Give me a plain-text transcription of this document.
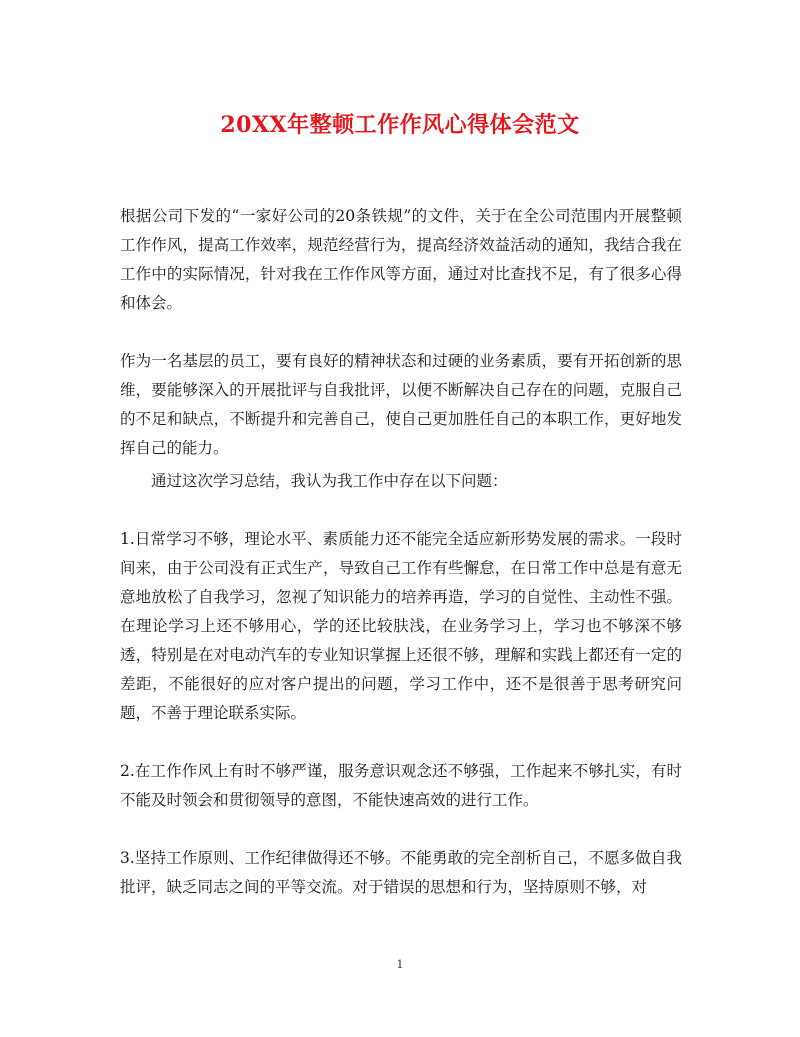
20XX年整顿工作作风心得体会范文

根据公司下发的“一家好公司的20条铁规”的文件，关于在全公司范围内开展整顿工作作风，提高工作效率，规范经营行为，提高经济效益活动的通知，我结合我在工作中的实际情况，针对我在工作作风等方面，通过对比查找不足，有了很多心得和体会。

作为一名基层的员工，要有良好的精神状态和过硬的业务素质，要有开拓创新的思维，要能够深入的开展批评与自我批评，以便不断解决自己存在的问题，克服自己的不足和缺点，不断提升和完善自己，使自己更加胜任自己的本职工作，更好地发挥自己的能力。

通过这次学习总结，我认为我工作中存在以下问题：

1.日常学习不够，理论水平、素质能力还不能完全适应新形势发展的需求。一段时间来，由于公司没有正式生产，导致自己工作有些懈怠，在日常工作中总是有意无意地放松了自我学习，忽视了知识能力的培养再造，学习的自觉性、主动性不强。在理论学习上还不够用心，学的还比较肤浅，在业务学习上，学习也不够深不够透，特别是在对电动汽车的专业知识掌握上还很不够，理解和实践上都还有一定的差距，不能很好的应对客户提出的问题，学习工作中，还不是很善于思考研究问题，不善于理论联系实际。

2.在工作作风上有时不够严谨，服务意识观念还不够强，工作起来不够扎实，有时不能及时领会和贯彻领导的意图，不能快速高效的进行工作。

3.坚持工作原则、工作纪律做得还不够。不能勇敢的完全剖析自己，不愿多做自我批评，缺乏同志之间的平等交流。对于错误的思想和行为，坚持原则不够，对

1
